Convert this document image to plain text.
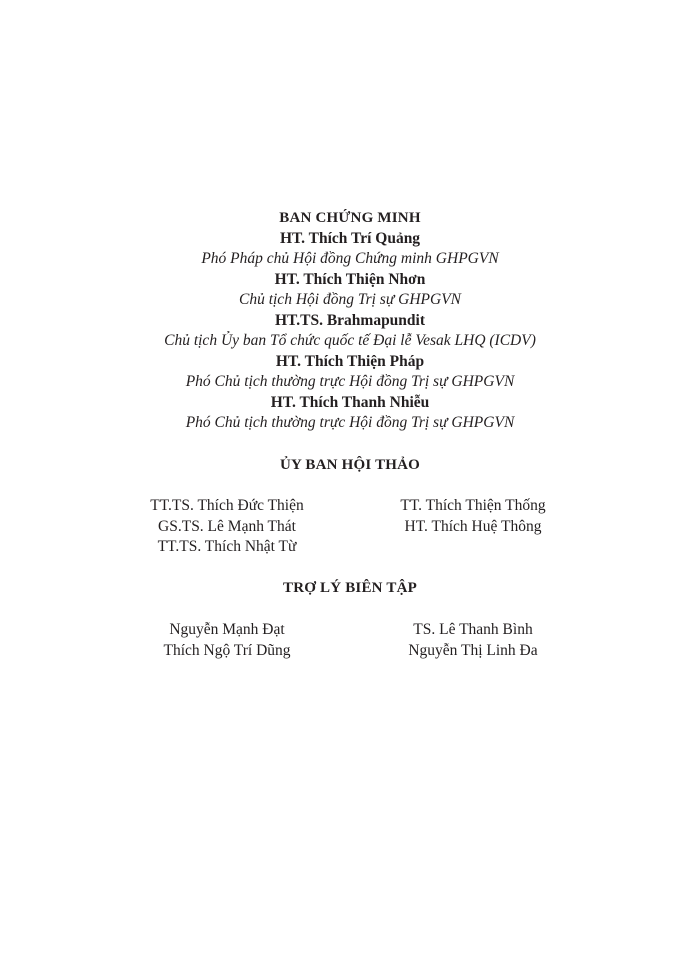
BAN CHỨNG MINH
HT. Thích Trí Quảng
Phó Pháp chủ Hội đồng Chứng minh GHPGVN
HT. Thích Thiện Nhơn
Chủ tịch Hội đồng Trị sự GHPGVN
HT.TS. Brahmapundit
Chủ tịch Ủy ban Tổ chức quốc tế Đại lễ Vesak LHQ (ICDV)
HT. Thích Thiện Pháp
Phó Chủ tịch thường trực Hội đồng Trị sự GHPGVN
HT. Thích Thanh Nhiễu
Phó Chủ tịch thường trực Hội đồng Trị sự GHPGVN
ỦY BAN HỘI THẢO
TT.TS. Thích Đức Thiện
GS.TS. Lê Mạnh Thát
TT.TS. Thích Nhật Từ
TT. Thích Thiện Thống
HT. Thích Huệ Thông
TRỢ LÝ BIÊN TẬP
Nguyễn Mạnh Đạt
Thích Ngộ Trí Dũng
TS. Lê Thanh Bình
Nguyễn Thị Linh Đa
